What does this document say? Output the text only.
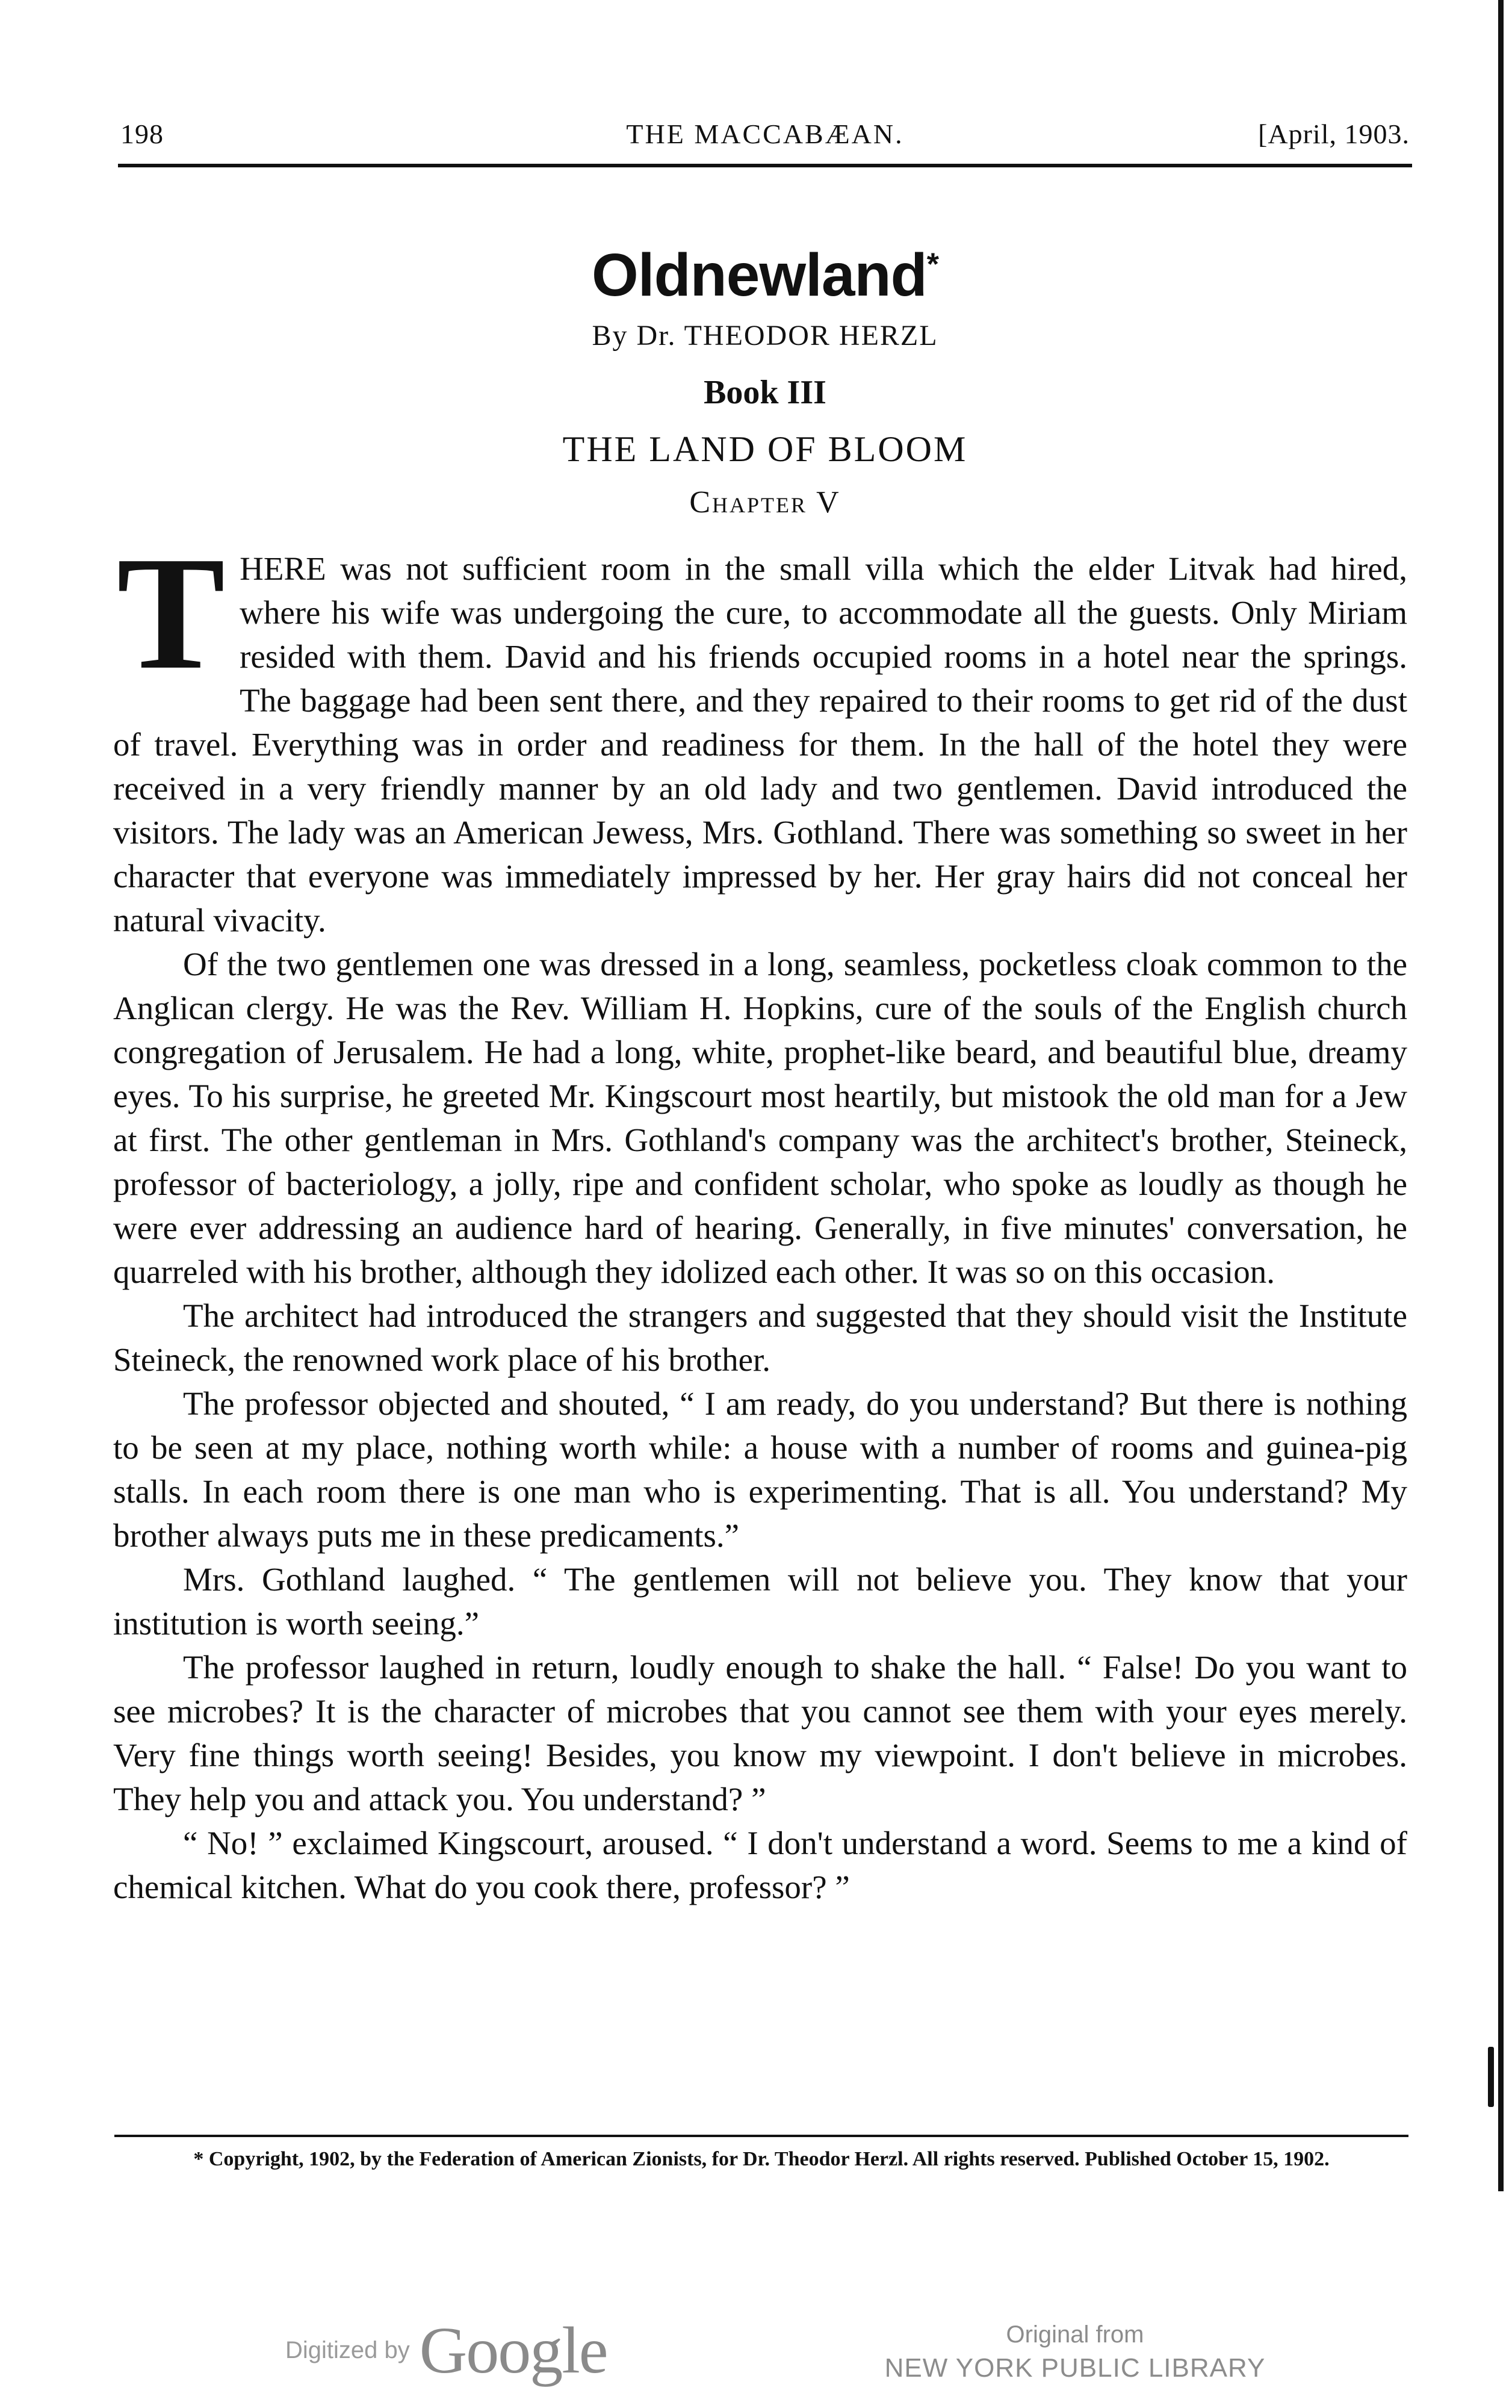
198	THE MACCABÆAN.	[April, 1903.
Oldnewland*
By Dr. THEODOR HERZL
Book III
THE LAND OF BLOOM
Chapter V

THERE was not sufficient room in the small villa which the elder Litvak had hired, where his wife was undergoing the cure, to accommodate all the guests. Only Miriam resided with them. David and his friends occupied rooms in a hotel near the springs. The baggage had been sent there, and they repaired to their rooms to get rid of the dust of travel. Everything was in order and readiness for them. In the hall of the hotel they were received in a very friendly manner by an old lady and two gentlemen. David introduced the visitors. The lady was an American Jewess, Mrs. Gothland. There was something so sweet in her character that everyone was immediately impressed by her. Her gray hairs did not conceal her natural vivacity.

Of the two gentlemen one was dressed in a long, seamless, pocketless cloak common to the Anglican clergy. He was the Rev. William H. Hopkins, cure of the souls of the English church congregation of Jerusalem. He had a long, white, prophet-like beard, and beautiful blue, dreamy eyes. To his surprise, he greeted Mr. Kingscourt most heartily, but mistook the old man for a Jew at first. The other gentleman in Mrs. Gothland's company was the architect's brother, Steineck, professor of bacteriology, a jolly, ripe and confident scholar, who spoke as loudly as though he were ever addressing an audience hard of hearing. Generally, in five minutes' conversation, he quarreled with his brother, although they idolized each other. It was so on this occasion.

The architect had introduced the strangers and suggested that they should visit the Institute Steineck, the renowned work place of his brother.

The professor objected and shouted, “ I am ready, do you understand? But there is nothing to be seen at my place, nothing worth while: a house with a number of rooms and guinea-pig stalls. In each room there is one man who is experimenting. That is all. You understand? My brother always puts me in these predicaments.”

Mrs. Gothland laughed. “ The gentlemen will not believe you. They know that your institution is worth seeing.”

The professor laughed in return, loudly enough to shake the hall. “ False! Do you want to see microbes? It is the character of microbes that you cannot see them with your eyes merely. Very fine things worth seeing! Besides, you know my viewpoint. I don't believe in microbes. They help you and attack you. You understand? ”

“ No! ” exclaimed Kingscourt, aroused. “ I don't understand a word. Seems to me a kind of chemical kitchen. What do you cook there, professor? ”

* Copyright, 1902, by the Federation of American Zionists, for Dr. Theodor Herzl. All rights reserved. Published October 15, 1902.
Digitized by Google	Original from
NEW YORK PUBLIC LIBRARY
